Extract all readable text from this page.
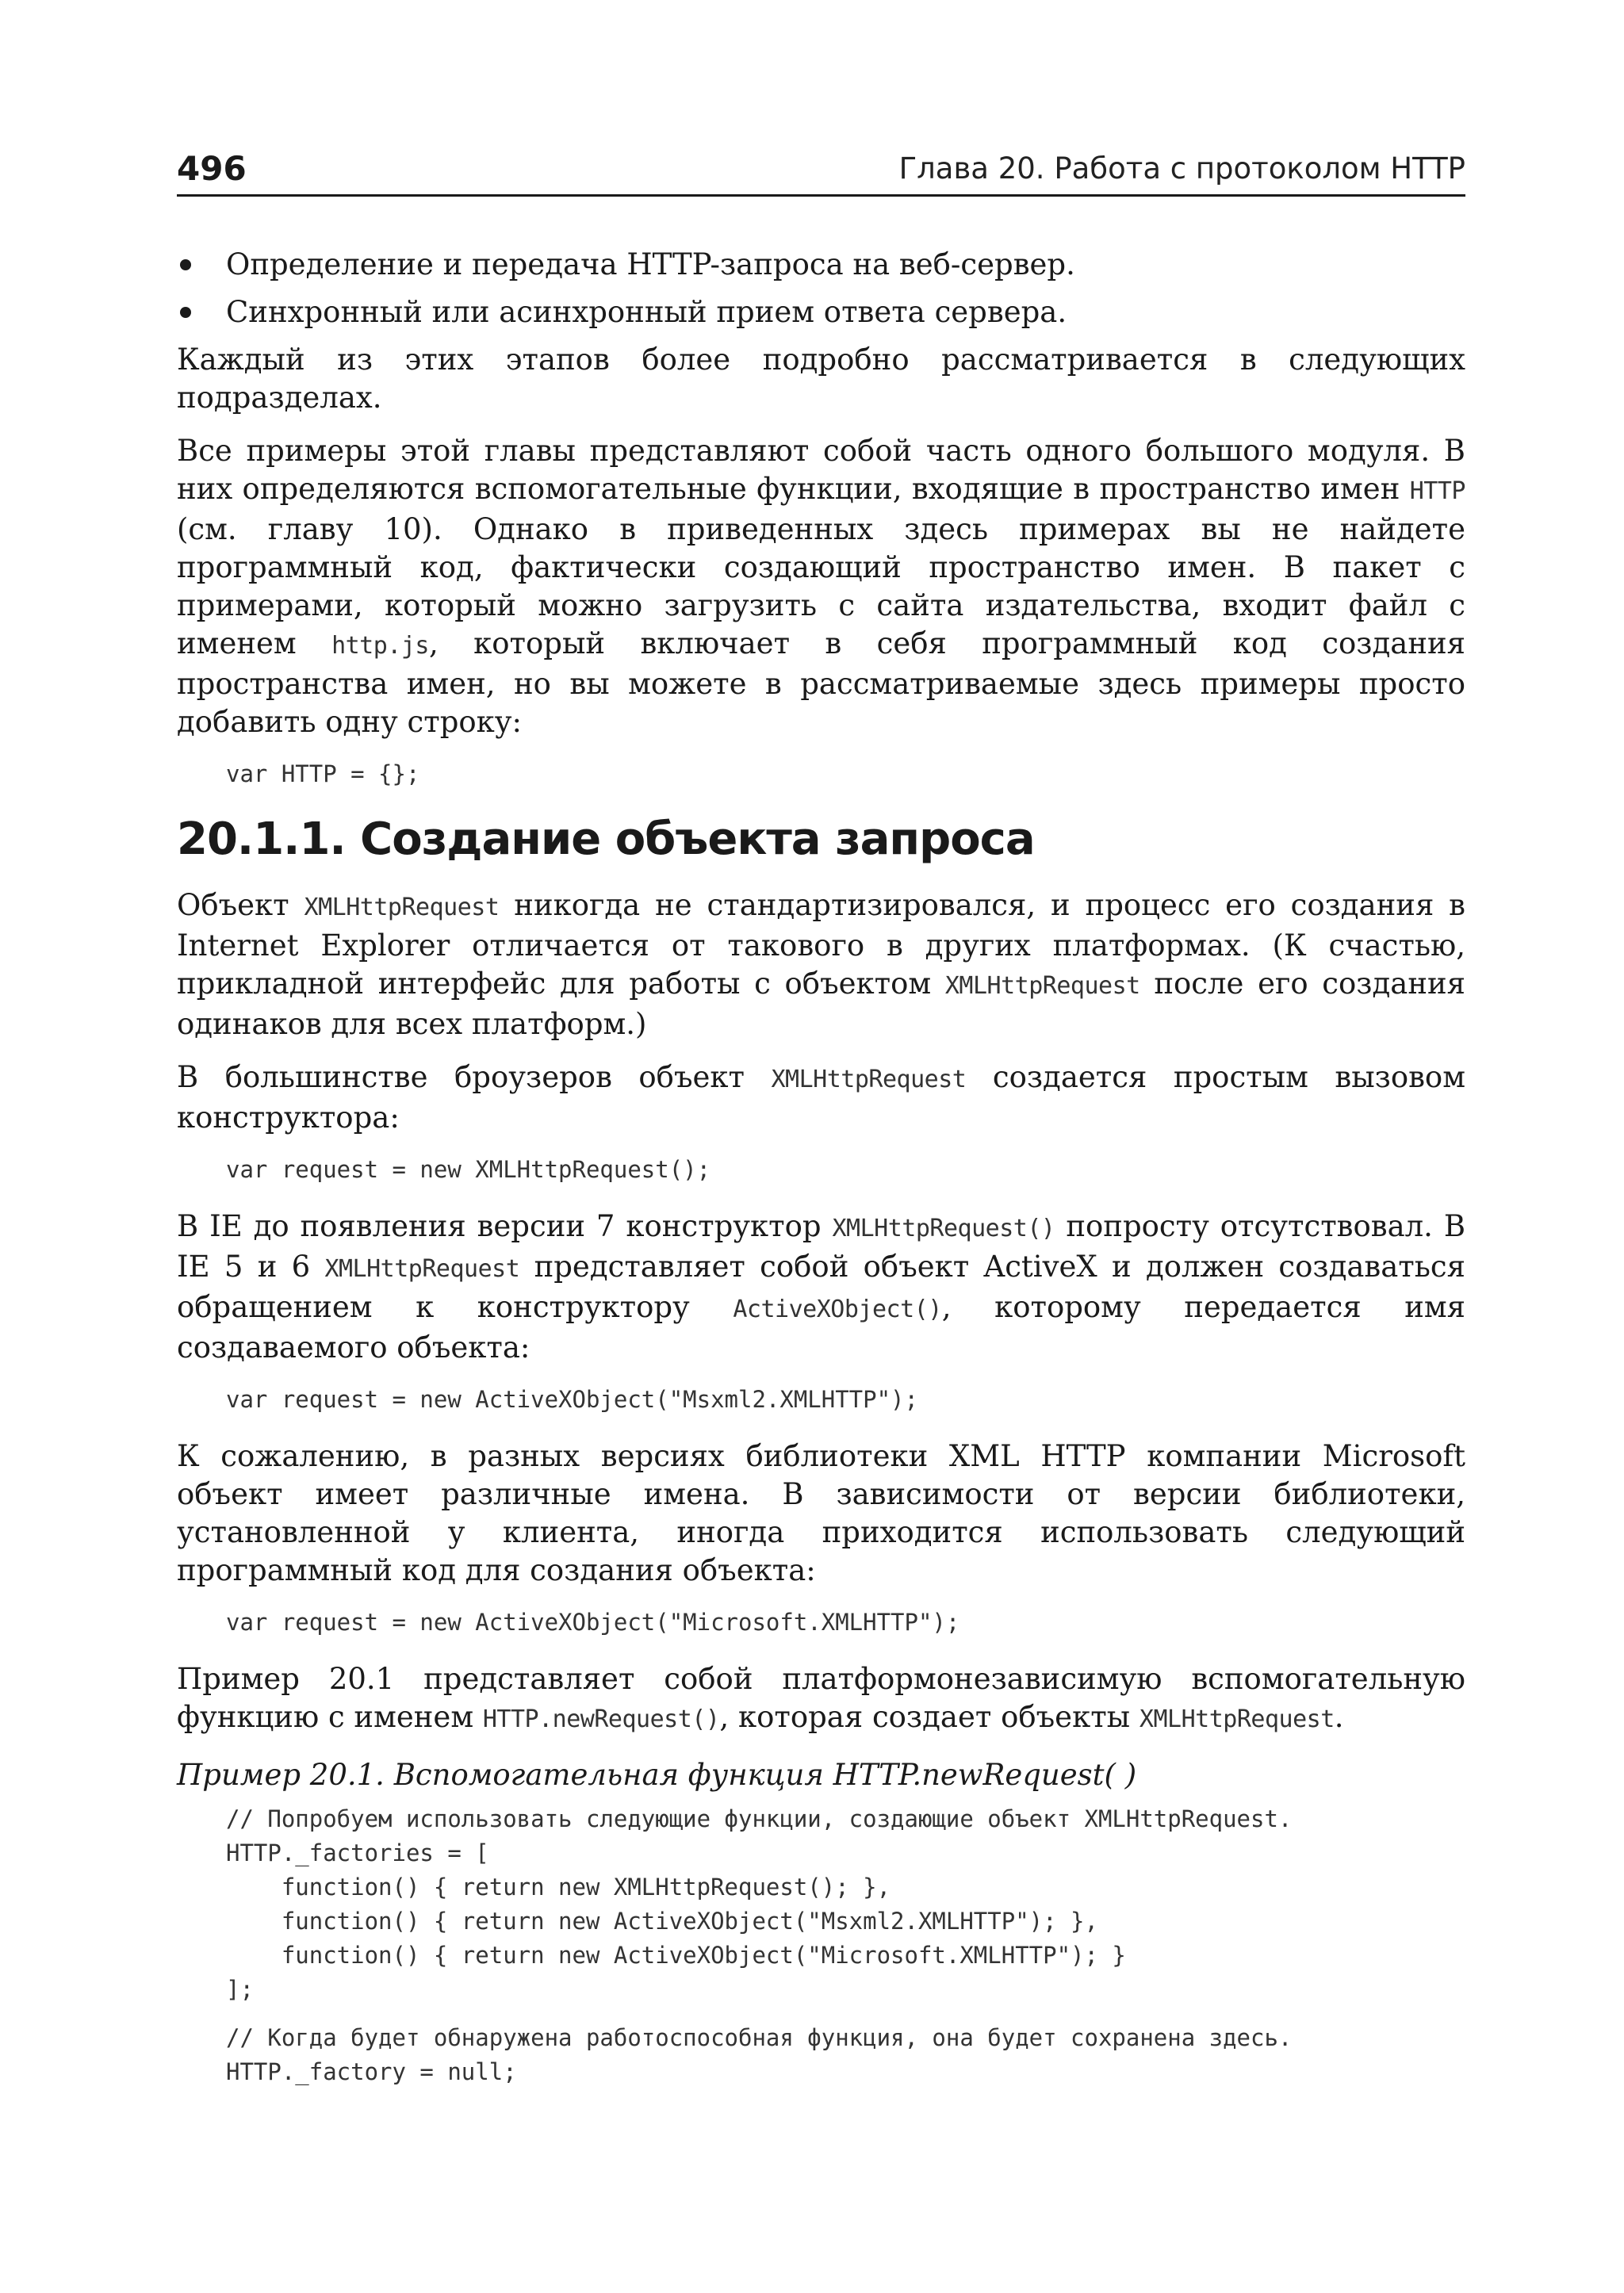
496	Глава 20. Работа с протоколом HTTP
Определение и передача HTTP-запроса на веб-сервер.
Синхронный или асинхронный прием ответа сервера.

Каждый из этих этапов более подробно рассматривается в следующих подразделах.

Все примеры этой главы представляют собой часть одного большого модуля. В них определяются вспомогательные функции, входящие в пространство имен HTTP (см. главу 10). Однако в приведенных здесь примерах вы не найдете программный код, фактически создающий пространство имен. В пакет с примерами, который можно загрузить с сайта издательства, входит файл с именем http.js, который включает в себя программный код создания пространства имен, но вы можете в рассматриваемые здесь примеры просто добавить одну строку:

var HTTP = {};
20.1.1. Создание объекта запроса

Объект XMLHttpRequest никогда не стандартизировался, и процесс его создания в Internet Explorer отличается от такового в других платформах. (К счастью, прикладной интерфейс для работы с объектом XMLHttpRequest после его создания одинаков для всех платформ.)

В большинстве броузеров объект XMLHttpRequest создается простым вызовом конструктора:

var request = new XMLHttpRequest();

В IE до появления версии 7 конструктор XMLHttpRequest() попросту отсутствовал. В IE 5 и 6 XMLHttpRequest представляет собой объект ActiveX и должен создаваться обращением к конструктору ActiveXObject(), которому передается имя создаваемого объекта:

var request = new ActiveXObject("Msxml2.XMLHTTP");

К сожалению, в разных версиях библиотеки XML HTTP компании Microsoft объект имеет различные имена. В зависимости от версии библиотеки, установленной у клиента, иногда приходится использовать следующий программный код для создания объекта:

var request = new ActiveXObject("Microsoft.XMLHTTP");

Пример 20.1 представляет собой платформонезависимую вспомогательную функцию с именем HTTP.newRequest(), которая создает объекты XMLHttpRequest.

Пример 20.1. Вспомогательная функция HTTP.newRequest( )
// Попробуем использовать следующие функции, создающие объект XMLHttpRequest.
HTTP._factories = [
function() { return new XMLHttpRequest(); },
function() { return new ActiveXObject("Msxml2.XMLHTTP"); },
function() { return new ActiveXObject("Microsoft.XMLHTTP"); }
];
// Когда будет обнаружена работоспособная функция, она будет сохранена здесь.
HTTP._factory = null;
